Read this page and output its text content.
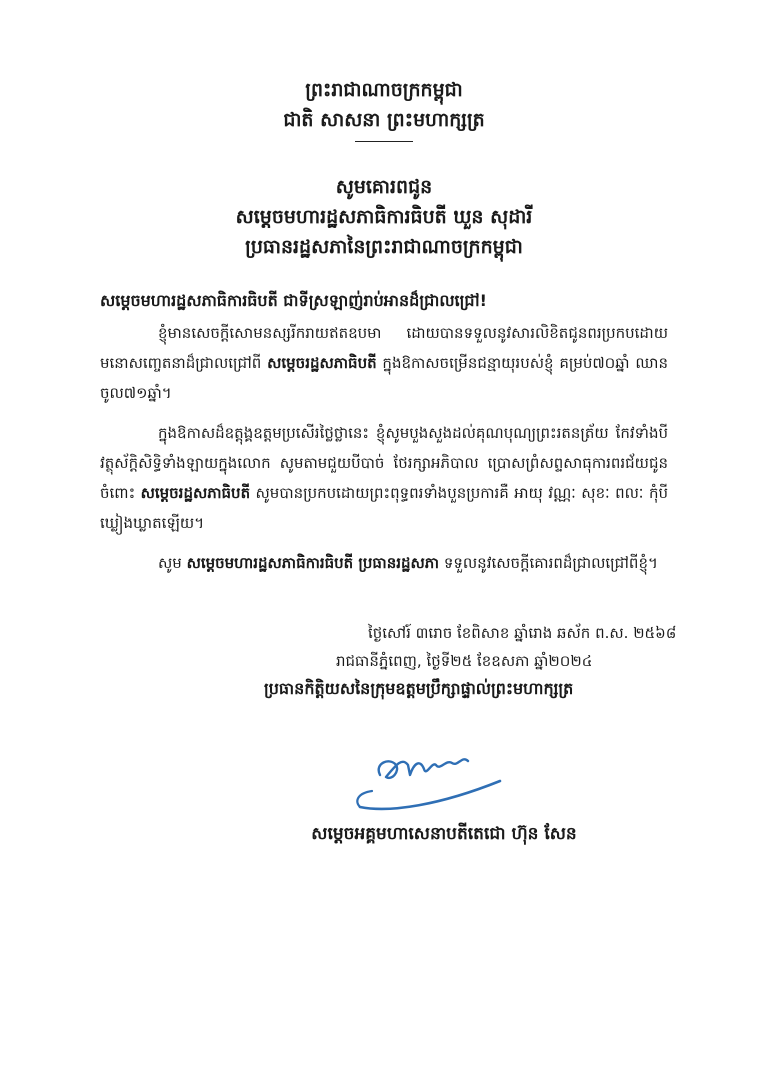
ព្រះរាជាណាចក្រកម្ពុជា
ជាតិ សាសនា ព្រះមហាក្សត្រ
សូមគោរពជូន
សម្ដេចមហារដ្ឋសភាធិការធិបតី ឃួន សុដារី
ប្រធានរដ្ឋសភានៃព្រះរាជាណាចក្រកម្ពុជា
សម្ដេចមហារដ្ឋសភាធិការធិបតី ជាទីស្រឡាញ់រាប់អានដ៏ជ្រាលជ្រៅ!
ខ្ញុំមានសេចក្ដីសោមនស្សរីករាយឥតឧបមា ដោយបានទទួលនូវសារលិខិតជូនពរប្រកបដោយមនោសញ្ចេតនាដ៏ជ្រាលជ្រៅពី សម្ដេចរដ្ឋសភាធិបតី ក្នុងឱកាសចម្រើនជន្មាយុរបស់ខ្ញុំ គម្រប់៧០ឆ្នាំ ឈានចូល៧១ឆ្នាំ។
ក្នុងឱកាសដ៏ឧត្ដុង្គឧត្ដមប្រសើរថ្លៃថ្លានេះ ខ្ញុំសូមបួងសួងដល់គុណបុណ្យព្រះរតនត្រ័យ កែវទាំងបី វត្ថុស័ក្ដិសិទ្ធិទាំងឡាយក្នុងលោក សូមតាមជួយបីបាច់ ថែរក្សាអភិបាល ប្រោសព្រំសព្ទសាធុការពរជ័យជូនចំពោះ សម្ដេចរដ្ឋសភាធិបតី សូមបានប្រកបដោយព្រះពុទ្ធពរទាំងបួនប្រការគឺ អាយុ វណ្ណៈ សុខៈ ពលៈ កុំបីឃ្លៀងឃ្លាតឡើយ។
សូម សម្ដេចមហារដ្ឋសភាធិការធិបតី ប្រធានរដ្ឋសភា ទទួលនូវសេចក្ដីគោរពដ៏ជ្រាលជ្រៅពីខ្ញុំ។
ថ្ងៃសៅរ៍ ៣រោច ខែពិសាខ ឆ្នាំរោង ឆស័ក ព.ស. ២៥៦៨
រាជធានីភ្នំពេញ, ថ្ងៃទី២៥ ខែឧសភា ឆ្នាំ២០២៤
ប្រធានកិត្តិយសនៃក្រុមឧត្ដមប្រឹក្សាផ្ទាល់ព្រះមហាក្សត្រ
សម្ដេចអគ្គមហាសេនាបតីតេជោ ហ៊ុន សែន
